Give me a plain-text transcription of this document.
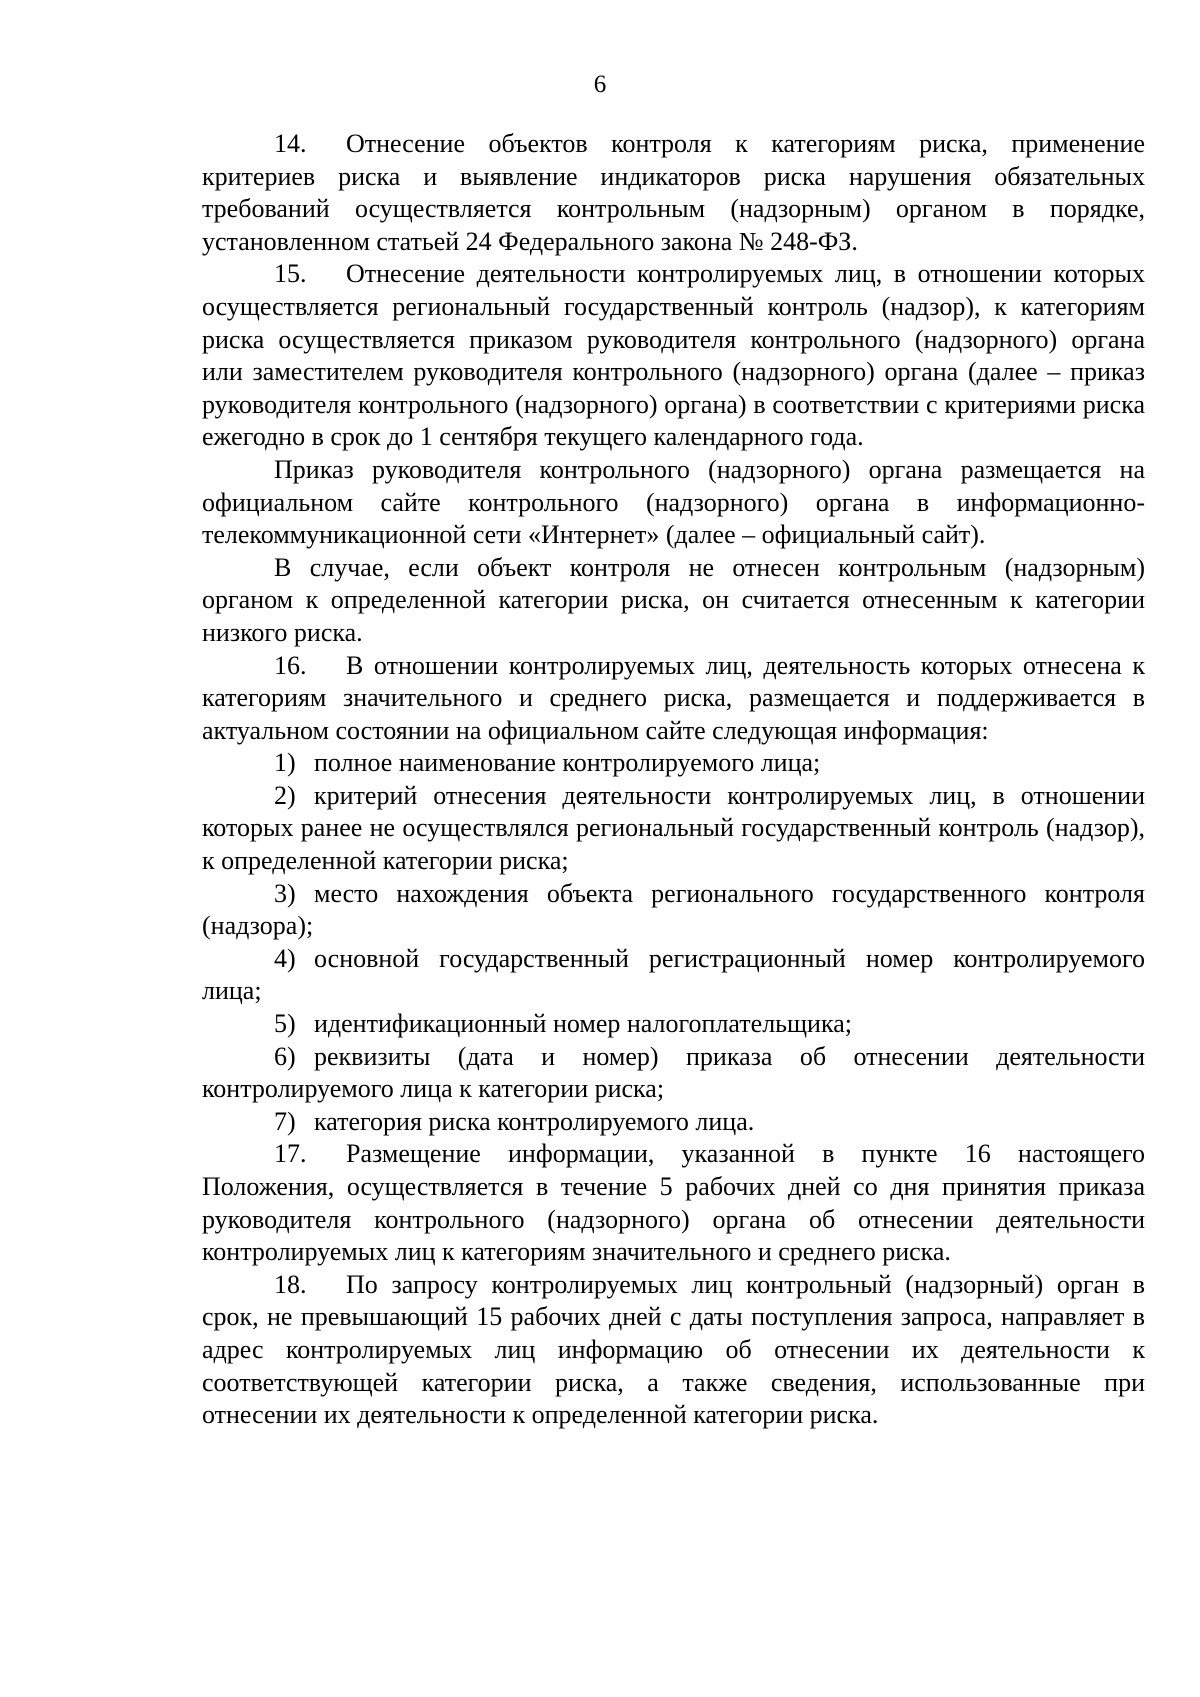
6

14. Отнесение объектов контроля к категориям риска, применение критериев риска и выявление индикаторов риска нарушения обязательных требований осуществляется контрольным (надзорным) органом в порядке, установленном статьей 24 Федерального закона № 248-ФЗ.

15. Отнесение деятельности контролируемых лиц, в отношении которых осуществляется региональный государственный контроль (надзор), к категориям риска осуществляется приказом руководителя контрольного (надзорного) органа или заместителем руководителя контрольного (надзорного) органа (далее – приказ руководителя контрольного (надзорного) органа) в соответствии с критериями риска ежегодно в срок до 1 сентября текущего календарного года.

Приказ руководителя контрольного (надзорного) органа размещается на официальном сайте контрольного (надзорного) органа в информационно-телекоммуникационной сети «Интернет» (далее – официальный сайт).

В случае, если объект контроля не отнесен контрольным (надзорным) органом к определенной категории риска, он считается отнесенным к категории низкого риска.

16. В отношении контролируемых лиц, деятельность которых отнесена к категориям значительного и среднего риска, размещается и поддерживается в актуальном состоянии на официальном сайте следующая информация:

1) полное наименование контролируемого лица;

2) критерий отнесения деятельности контролируемых лиц, в отношении которых ранее не осуществлялся региональный государственный контроль (надзор), к определенной категории риска;

3) место нахождения объекта регионального государственного контроля (надзора);

4) основной государственный регистрационный номер контролируемого лица;

5) идентификационный номер налогоплательщика;

6) реквизиты (дата и номер) приказа об отнесении деятельности контролируемого лица к категории риска;

7) категория риска контролируемого лица.

17. Размещение информации, указанной в пункте 16 настоящего Положения, осуществляется в течение 5 рабочих дней со дня принятия приказа руководителя контрольного (надзорного) органа об отнесении деятельности контролируемых лиц к категориям значительного и среднего риска.

18. По запросу контролируемых лиц контрольный (надзорный) орган в срок, не превышающий 15 рабочих дней с даты поступления запроса, направляет в адрес контролируемых лиц информацию об отнесении их деятельности к соответствующей категории риска, а также сведения, использованные при отнесении их деятельности к определенной категории риска.
